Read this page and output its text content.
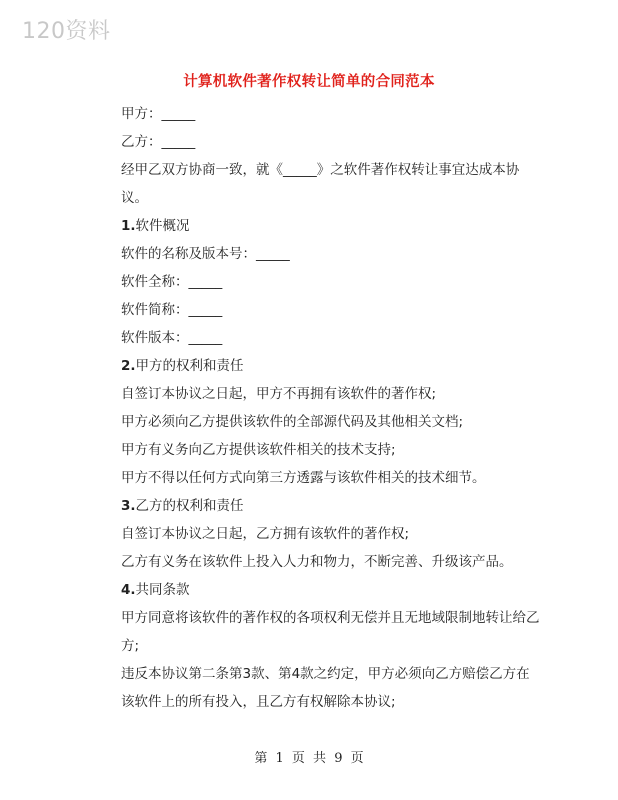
120资料
计算机软件著作权转让简单的合同范本

甲方：_____

乙方：_____

经甲乙双方协商一致，就《_____》之软件著作权转让事宜达成本协议。

1.软件概况

软件的名称及版本号：_____

软件全称：_____

软件简称：_____

软件版本：_____

2.甲方的权利和责任

自签订本协议之日起，甲方不再拥有该软件的著作权;

甲方必须向乙方提供该软件的全部源代码及其他相关文档;

甲方有义务向乙方提供该软件相关的技术支持;

甲方不得以任何方式向第三方透露与该软件相关的技术细节。

3.乙方的权利和责任

自签订本协议之日起，乙方拥有该软件的著作权;

乙方有义务在该软件上投入人力和物力，不断完善、升级该产品。

4.共同条款

甲方同意将该软件的著作权的各项权利无偿并且无地域限制地转让给乙方;

违反本协议第二条第3款、第4款之约定，甲方必须向乙方赔偿乙方在该软件上的所有投入，且乙方有权解除本协议;

第 1 页 共 9 页
